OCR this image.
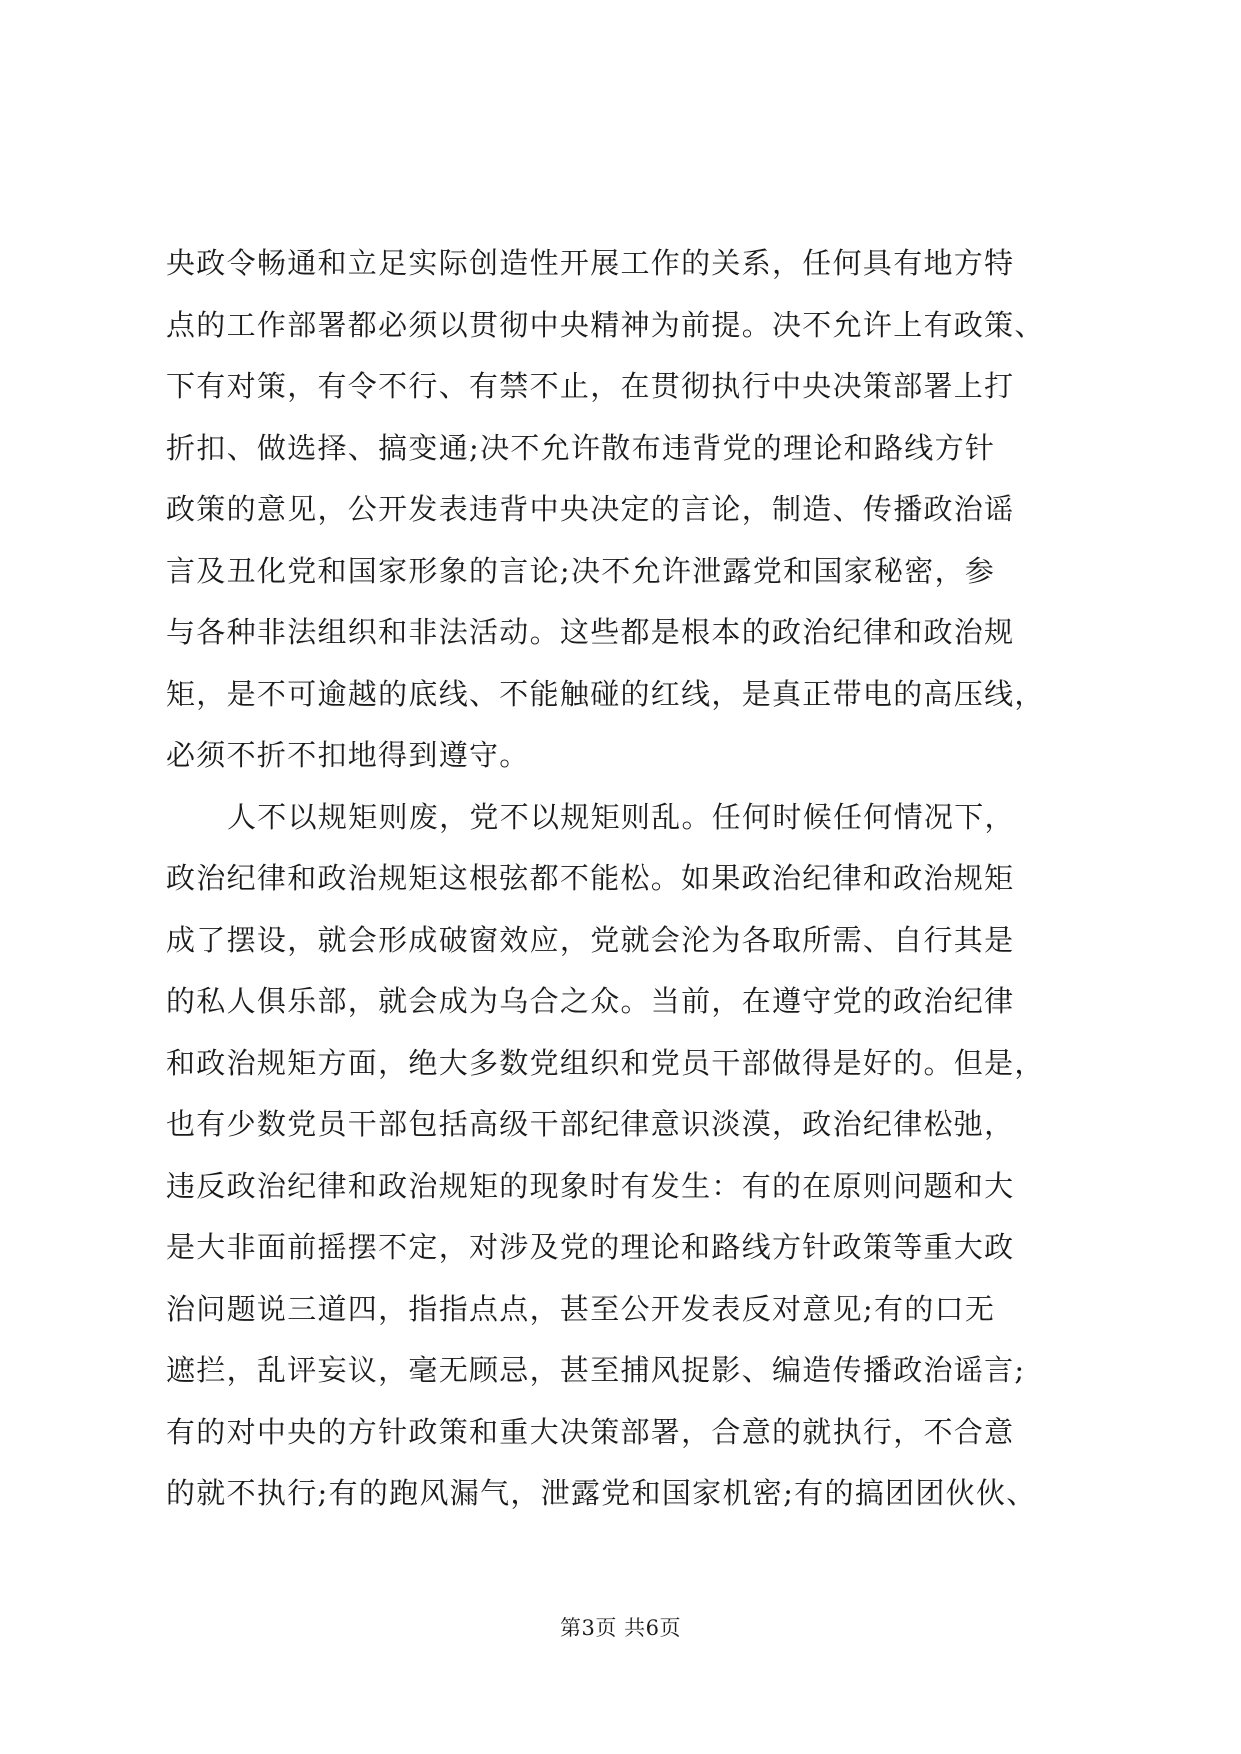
央政令畅通和立足实际创造性开展工作的关系，任何具有地方特
点的工作部署都必须以贯彻中央精神为前提。决不允许上有政策、
下有对策，有令不行、有禁不止，在贯彻执行中央决策部署上打
折扣、做选择、搞变通;决不允许散布违背党的理论和路线方针
政策的意见，公开发表违背中央决定的言论，制造、传播政治谣
言及丑化党和国家形象的言论;决不允许泄露党和国家秘密，参
与各种非法组织和非法活动。这些都是根本的政治纪律和政治规
矩，是不可逾越的底线、不能触碰的红线，是真正带电的高压线，
必须不折不扣地得到遵守。
人不以规矩则废，党不以规矩则乱。任何时候任何情况下，
政治纪律和政治规矩这根弦都不能松。如果政治纪律和政治规矩
成了摆设，就会形成破窗效应，党就会沦为各取所需、自行其是
的私人俱乐部，就会成为乌合之众。当前，在遵守党的政治纪律
和政治规矩方面，绝大多数党组织和党员干部做得是好的。但是，
也有少数党员干部包括高级干部纪律意识淡漠，政治纪律松弛，
违反政治纪律和政治规矩的现象时有发生：有的在原则问题和大
是大非面前摇摆不定，对涉及党的理论和路线方针政策等重大政
治问题说三道四，指指点点，甚至公开发表反对意见;有的口无
遮拦，乱评妄议，毫无顾忌，甚至捕风捉影、编造传播政治谣言;
有的对中央的方针政策和重大决策部署，合意的就执行，不合意
的就不执行;有的跑风漏气，泄露党和国家机密;有的搞团团伙伙、
第3页 共6页
